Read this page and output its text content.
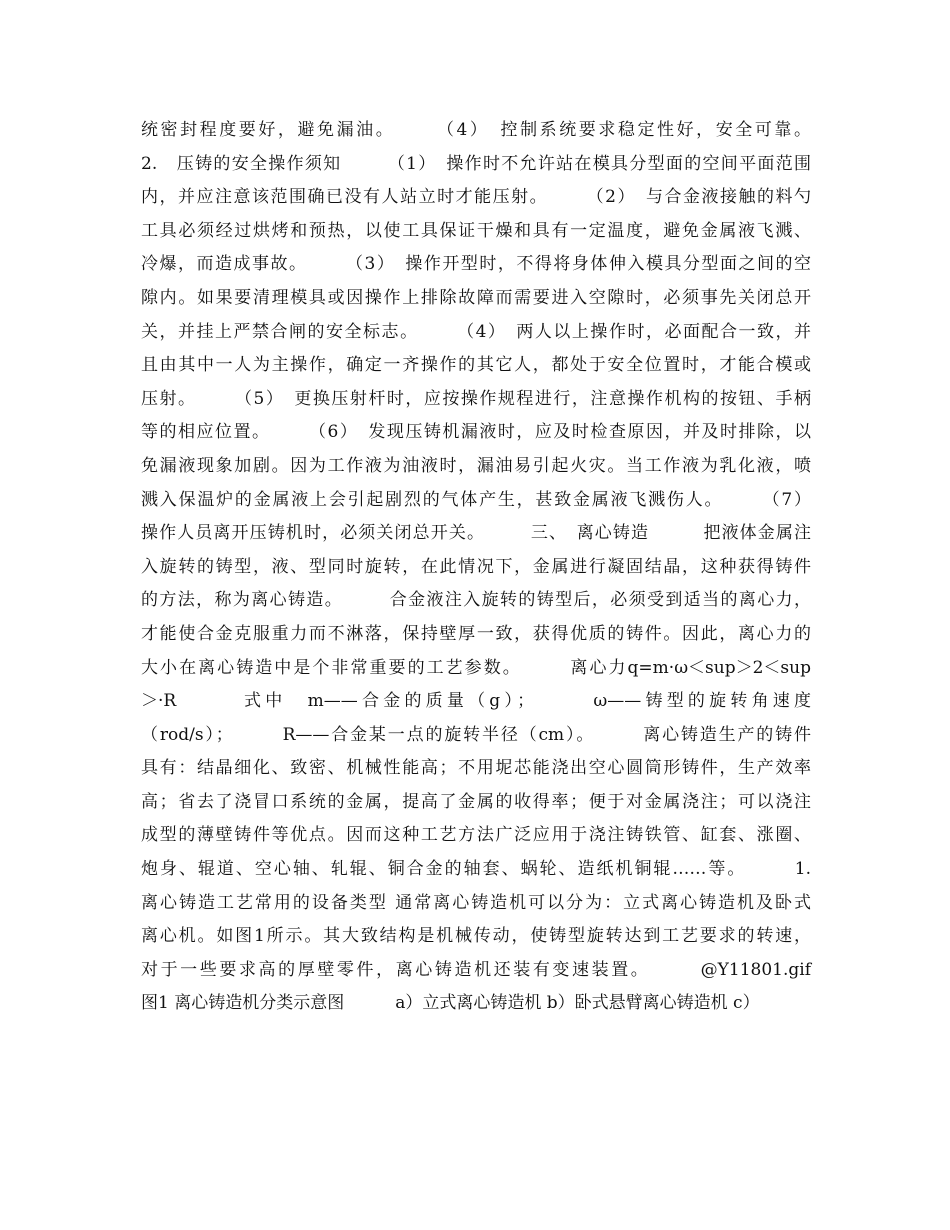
统密封程度要好，避免漏油。　　　（4）　控制系统要求稳定性好，安全可靠。
2.　压铸的安全操作须知　　　（1）　操作时不允许站在模具分型面的空间平面范围
内，并应注意该范围确已没有人站立时才能压射。　　　（2）　与合金液接触的料勺
工具必须经过烘烤和预热，以使工具保证干燥和具有一定温度，避免金属液飞溅、
冷爆，而造成事故。　　　（3）　操作开型时，不得将身体伸入模具分型面之间的空
隙内。如果要清理模具或因操作上排除故障而需要进入空隙时，必须事先关闭总开
关，并挂上严禁合闸的安全标志。　　　（4）　两人以上操作时，必面配合一致，并
且由其中一人为主操作，确定一齐操作的其它人，都处于安全位置时，才能合模或
压射。　　　（5）　更换压射杆时，应按操作规程进行，注意操作机构的按钮、手柄
等的相应位置。　　　（6）　发现压铸机漏液时，应及时检查原因，并及时排除，以
免漏液现象加剧。因为工作液为油液时，漏油易引起火灾。当工作液为乳化液，喷
溅入保温炉的金属液上会引起剧烈的气体产生，甚致金属液飞溅伤人。　　　（7）
操作人员离开压铸机时，必须关闭总开关。　　　三、　离心铸造　　　把液体金属注
入旋转的铸型，液、型同时旋转，在此情况下，金属进行凝固结晶，这种获得铸件
的方法，称为离心铸造。　　　合金液注入旋转的铸型后，必须受到适当的离心力，
才能使合金克服重力而不淋落，保持壁厚一致，获得优质的铸件。因此，离心力的
大小在离心铸造中是个非常重要的工艺参数。　　　离心力q=m·ω＜sup＞2＜sup
＞·R　　　式中　m——合金的质量（g）；　　　ω——铸型的旋转角速度
（rod/s）；　　　R——合金某一点的旋转半径（cm）。　　　离心铸造生产的铸件
具有：结晶细化、致密、机械性能高；不用坭芯能浇出空心圆筒形铸件，生产效率
高；省去了浇冒口系统的金属，提高了金属的收得率；便于对金属浇注；可以浇注
成型的薄壁铸件等优点。因而这种工艺方法广泛应用于浇注铸铁管、缸套、涨圈、
炮身、辊道、空心轴、轧辊、铜合金的轴套、蜗轮、造纸机铜辊……等。　　　1.
离心铸造工艺常用的设备类型 通常离心铸造机可以分为：立式离心铸造机及卧式
离心机。如图1所示。其大致结构是机械传动，使铸型旋转达到工艺要求的转速，
对于一些要求高的厚壁零件，离心铸造机还装有变速装置。　　　@Y11801.gif
图1 离心铸造机分类示意图　　　a）立式离心铸造机 b）卧式悬臂离心铸造机 c）
